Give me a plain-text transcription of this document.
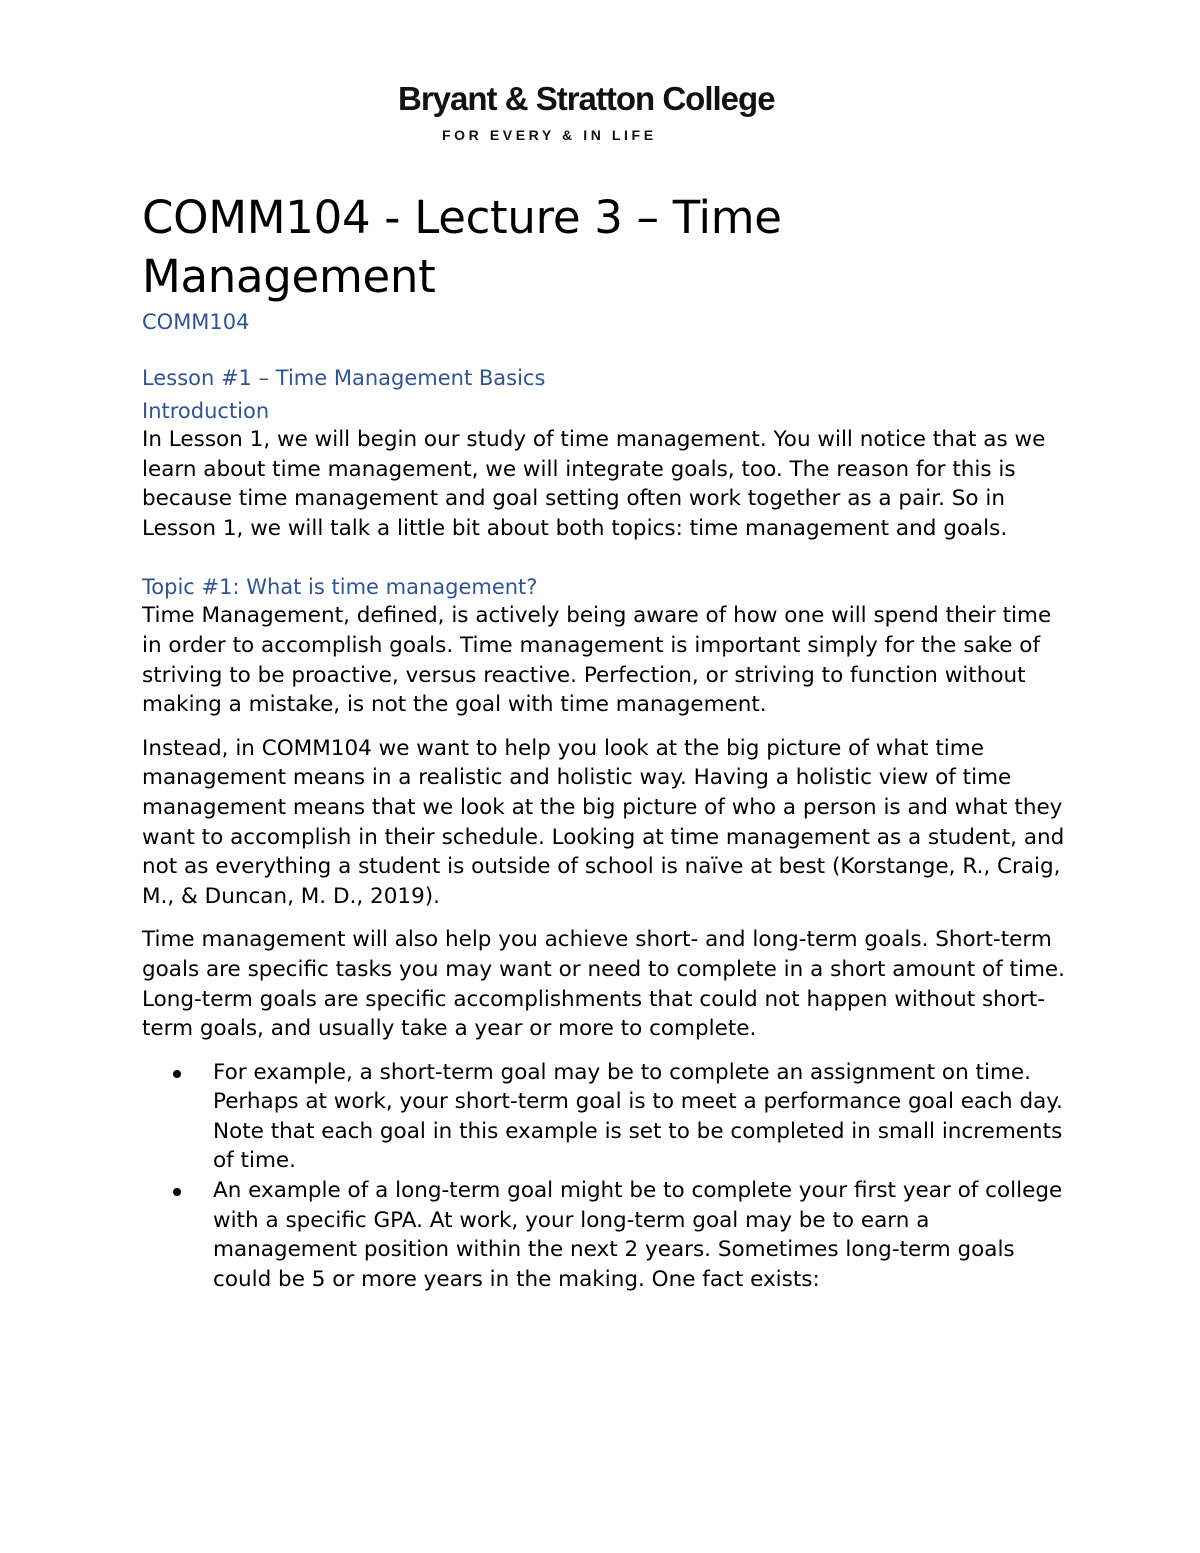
Bryant & Stratton College
FOR EVERY & IN LIFE
COMM104 - Lecture 3 – Time Management
COMM104
Lesson #1 – Time Management Basics
Introduction

In Lesson 1, we will begin our study of time management. You will notice that as we learn about time management, we will integrate goals, too. The reason for this is because time management and goal setting often work together as a pair. So in Lesson 1, we will talk a little bit about both topics: time management and goals.

Topic #1: What is time management?

Time Management, defined, is actively being aware of how one will spend their time in order to accomplish goals. Time management is important simply for the sake of striving to be proactive, versus reactive. Perfection, or striving to function without making a mistake, is not the goal with time management.

Instead, in COMM104 we want to help you look at the big picture of what time management means in a realistic and holistic way. Having a holistic view of time management means that we look at the big picture of who a person is and what they want to accomplish in their schedule. Looking at time management as a student, and not as everything a student is outside of school is naïve at best (Korstange, R., Craig, M., & Duncan, M. D., 2019).

Time management will also help you achieve short- and long-term goals. Short-term goals are specific tasks you may want or need to complete in a short amount of time. Long-term goals are specific accomplishments that could not happen without short-term goals, and usually take a year or more to complete.

For example, a short-term goal may be to complete an assignment on time. Perhaps at work, your short-term goal is to meet a performance goal each day. Note that each goal in this example is set to be completed in small increments of time.
An example of a long-term goal might be to complete your first year of college with a specific GPA. At work, your long-term goal may be to earn a management position within the next 2 years. Sometimes long-term goals could be 5 or more years in the making. One fact exists:
